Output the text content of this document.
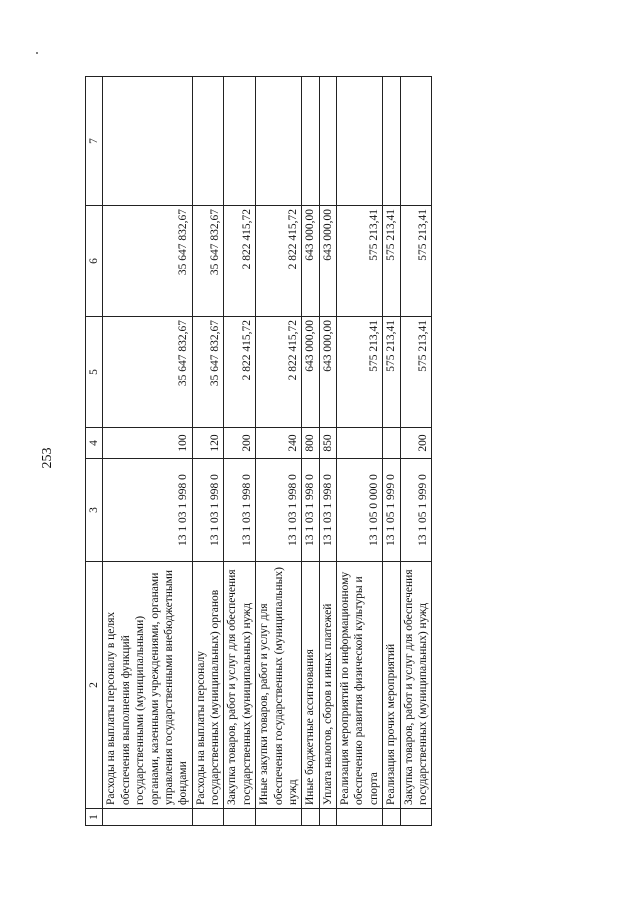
253
1	2	3	4	5	6	7
	Расходы на выплаты персоналу в целях обеспечения выполнения функций государственными (муниципальными) органами, казенными учреждениями, органами управления государственными внебюджетными фондами	13 1 03 1 998 0	100	35 647 832,67	35 647 832,67	
	Расходы на выплаты персоналу государственных (муниципальных) органов	13 1 03 1 998 0	120	35 647 832,67	35 647 832,67	
	Закупка товаров, работ и услуг для обеспечения государственных (муниципальных) нужд	13 1 03 1 998 0	200	2 822 415,72	2 822 415,72	
	Иные закупки товаров, работ и услуг для обеспечения государственных (муниципальных) нужд	13 1 03 1 998 0	240	2 822 415,72	2 822 415,72	
	Иные бюджетные ассигнования	13 1 03 1 998 0	800	643 000,00	643 000,00	
	Уплата налогов, сборов и иных платежей	13 1 03 1 998 0	850	643 000,00	643 000,00	
	Реализация мероприятий по информационному обеспечению развития физической культуры и спорта	13 1 05 0 000 0		575 213,41	575 213,41	
	Реализация прочих мероприятий	13 1 05 1 999 0		575 213,41	575 213,41	
	Закупка товаров, работ и услуг для обеспечения государственных (муниципальных) нужд	13 1 05 1 999 0	200	575 213,41	575 213,41	
